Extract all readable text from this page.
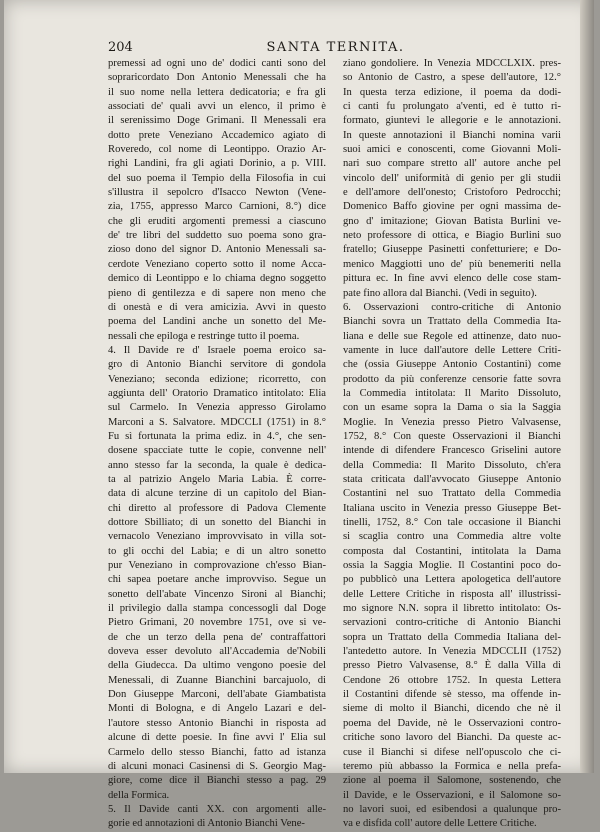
204	SANTA TERNITA.
premessi ad ogni uno de' dodici canti sono del
sopraricordato Don Antonio Menessali che ha
il suo nome nella lettera dedicatoria; e fra gli
associati de' quali avvi un elenco, il primo è
il serenissimo Doge Grimani. Il Menessali era
dotto prete Veneziano Accademico agiato di
Roveredo, col nome di Leontippo. Orazio Ar-
righi Landini, fra gli agiati Dorinio, a p. VIII.
del suo poema il Tempio della Filosofia in cui
s'illustra il sepolcro d'Isacco Newton (Vene-
zia, 1755, appresso Marco Carnioni, 8.°) dice
che gli eruditi argomenti premessi a ciascuno
de' tre libri del suddetto suo poema sono gra-
zioso dono del signor D. Antonio Menessali sa-
cerdote Veneziano coperto sotto il nome Acca-
demico di Leontippo e lo chiama degno soggetto
pieno di gentilezza e di sapere non meno che
di onestà e di vera amicizia. Avvi in questo
poema del Landini anche un sonetto del Me-
nessali che epiloga e restringe tutto il poema.
4. Il Davide re d' Israele poema eroico sa-
gro di Antonio Bianchi servitore di gondola
Veneziano; seconda edizione; ricorretto, con
aggiunta dell' Oratorio Dramatico intitolato: Elia
sul Carmelo. In Venezia appresso Girolamo
Marconi a S. Salvatore. MDCCLI (1751) in 8.°
Fu sì fortunata la prima ediz. in 4.°, che sen-
dosene spacciate tutte le copie, convenne nell'
anno stesso far la seconda, la quale è dedica-
ta al patrizio Angelo Maria Labia. È corre-
data di alcune terzine di un capitolo del Bian-
chi diretto al professore di Padova Clemente
dottore Sbilliato; di un sonetto del Bianchi in
vernacolo Veneziano improvvisato in villa sot-
to gli occhi del Labia; e di un altro sonetto
pur Veneziano in comprovazione ch'esso Bian-
chi sapea poetare anche improvviso. Segue un
sonetto dell'abate Vincenzo Sironi al Bianchi;
il privilegio dalla stampa concessogli dal Doge
Pietro Grimani, 20 novembre 1751, ove si ve-
de che un terzo della pena de' contraffattori
doveva esser devoluto all'Accademia de'Nobili
della Giudecca. Da ultimo vengono poesie del
Menessali, di Zuanne Bianchini barcajuolo, di
Don Giuseppe Marconi, dell'abate Giambatista
Monti di Bologna, e di Angelo Lazari e del-
l'autore stesso Antonio Bianchi in risposta ad
alcune di dette poesie. In fine avvi l' Elia sul
Carmelo dello stesso Bianchi, fatto ad istanza
di alcuni monaci Casinensi di S. Georgio Mag-
giore, come dice il Bianchi stesso a pag. 29
della Formica.
5. Il Davide canti XX. con argomenti alle-
gorie ed annotazioni di Antonio Bianchi Vene-
ziano gondoliere. In Venezia MDCCLXIX. pres-
so Antonio de Castro, a spese dell'autore, 12.°
In questa terza edizione, il poema da dodi-
ci canti fu prolungato a'venti, ed è tutto ri-
formato, giuntevi le allegorie e le annotazioni.
In queste annotazioni il Bianchi nomina varii
suoi amici e conoscenti, come Giovanni Moli-
nari suo compare stretto all' autore anche pel
vincolo dell' uniformità di genio per gli studii
e dell'amore dell'onesto; Cristoforo Pedrocchi;
Domenico Baffo giovine per ogni massima de-
gno d' imitazione; Giovan Batista Burlini ve-
neto professore di ottica, e Biagio Burlini suo
fratello; Giuseppe Pasinetti confetturiere; e Do-
menico Maggiotti uno de' più benemeriti nella
pittura ec. In fine avvi elenco delle cose stam-
pate fino allora dal Bianchi. (Vedi in seguito).
6. Osservazioni contro-critiche di Antonio
Bianchi sovra un Trattato della Commedia Ita-
liana e delle sue Regole ed attinenze, dato nuo-
vamente in luce dall'autore delle Lettere Criti-
che (ossia Giuseppe Antonio Costantini) come
prodotto da più conferenze censorie fatte sovra
la Commedia intitolata: Il Marito Dissoluto,
con un esame sopra la Dama o sia la Saggia
Moglie. In Venezia presso Pietro Valvasense,
1752, 8.° Con queste Osservazioni il Bianchi
intende di difendere Francesco Griselini autore
della Commedia: Il Marito Dissoluto, ch'era
stata criticata dall'avvocato Giuseppe Antonio
Costantini nel suo Trattato della Commedia
Italiana uscito in Venezia presso Giuseppe Bet-
tinelli, 1752, 8.° Con tale occasione il Bianchi
si scaglia contro una Commedia altre volte
composta dal Costantini, intitolata la Dama
ossia la Saggia Moglie. Il Costantini poco do-
po pubblicò una Lettera apologetica dell'autore
delle Lettere Critiche in risposta all' illustrissi-
mo signore N.N. sopra il libretto intitolato: Os-
servazioni contro-critiche di Antonio Bianchi
sopra un Trattato della Commedia Italiana del-
l'antedetto autore. In Venezia MDCCLII (1752)
presso Pietro Valvasense, 8.° È dalla Villa di
Cendone 26 ottobre 1752. In questa Lettera
il Costantini difende sè stesso, ma offende in-
sieme di molto il Bianchi, dicendo che nè il
poema del Davide, nè le Osservazioni contro-
critiche sono lavoro del Bianchi. Da queste ac-
cuse il Bianchi si difese nell'opuscolo che ci-
teremo più abbasso la Formica e nella prefa-
zione al poema il Salomone, sostenendo, che
il Davide, e le Osservazioni, e il Salomone so-
no lavori suoi, ed esibendosi a qualunque pro-
va e disfida coll' autore delle Lettere Critiche.
